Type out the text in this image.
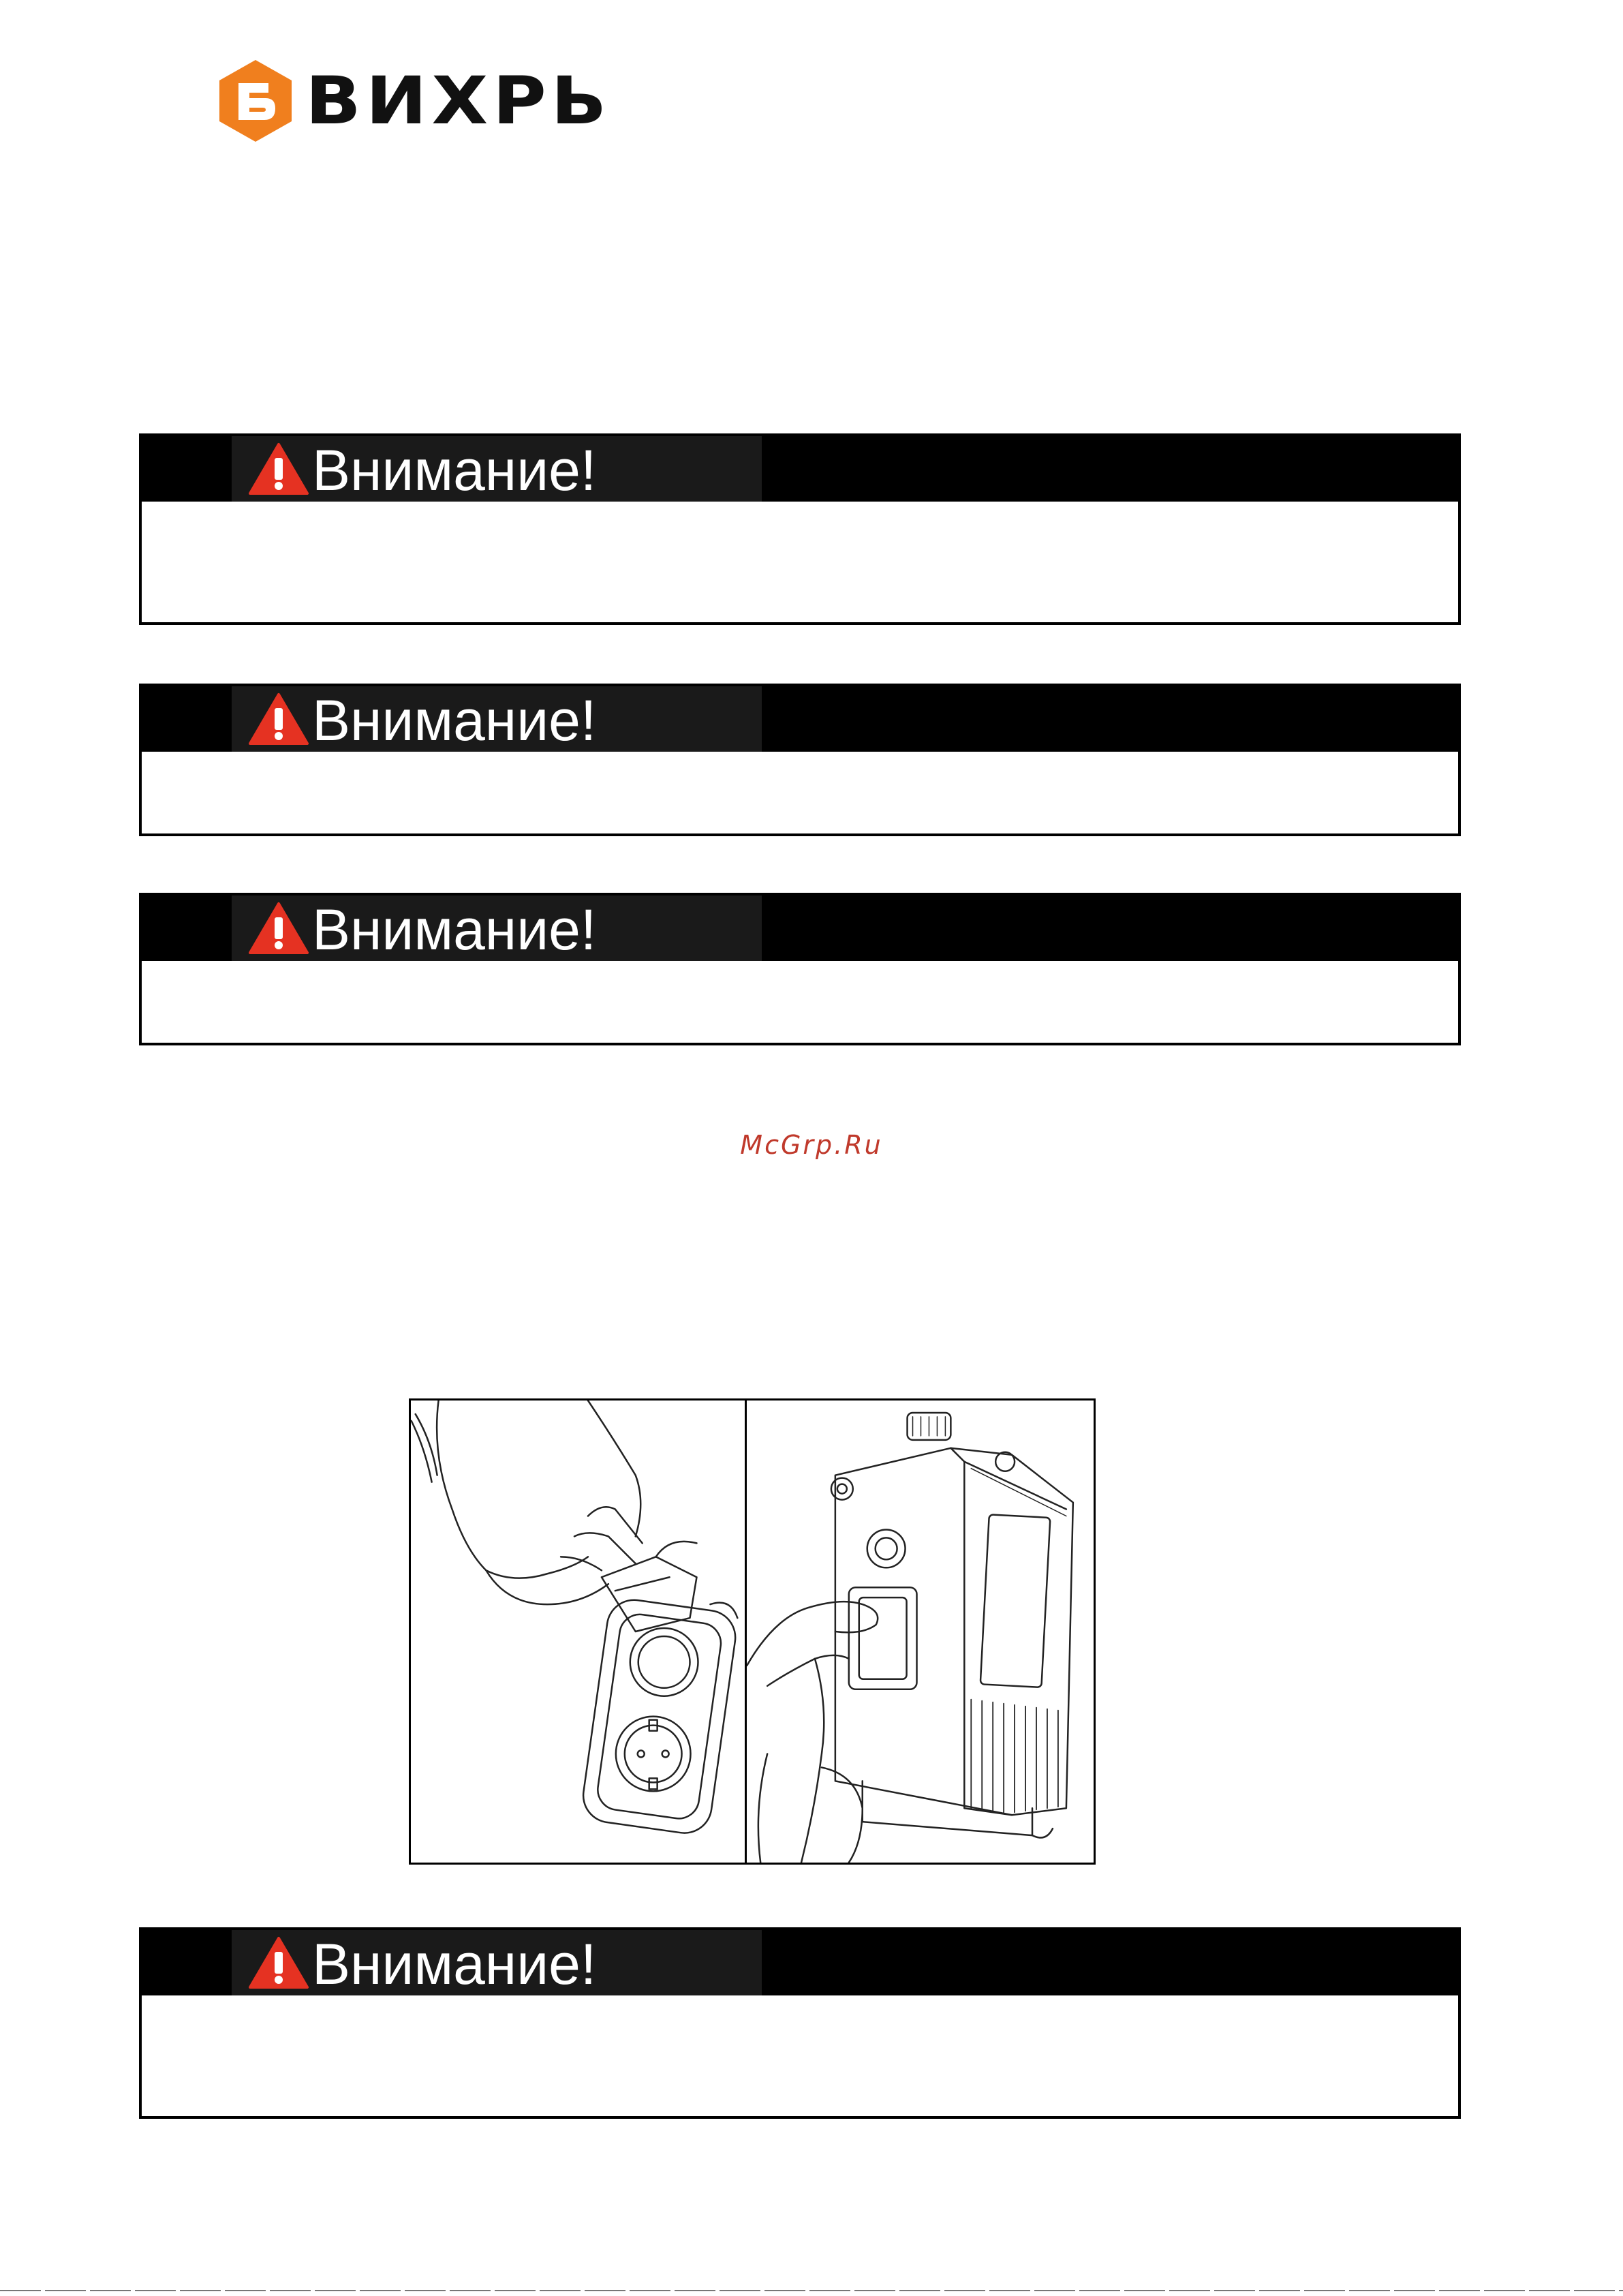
ВИХРЬ
Внимание!
Внимание!
Внимание!
McGrp.Ru
Внимание!
